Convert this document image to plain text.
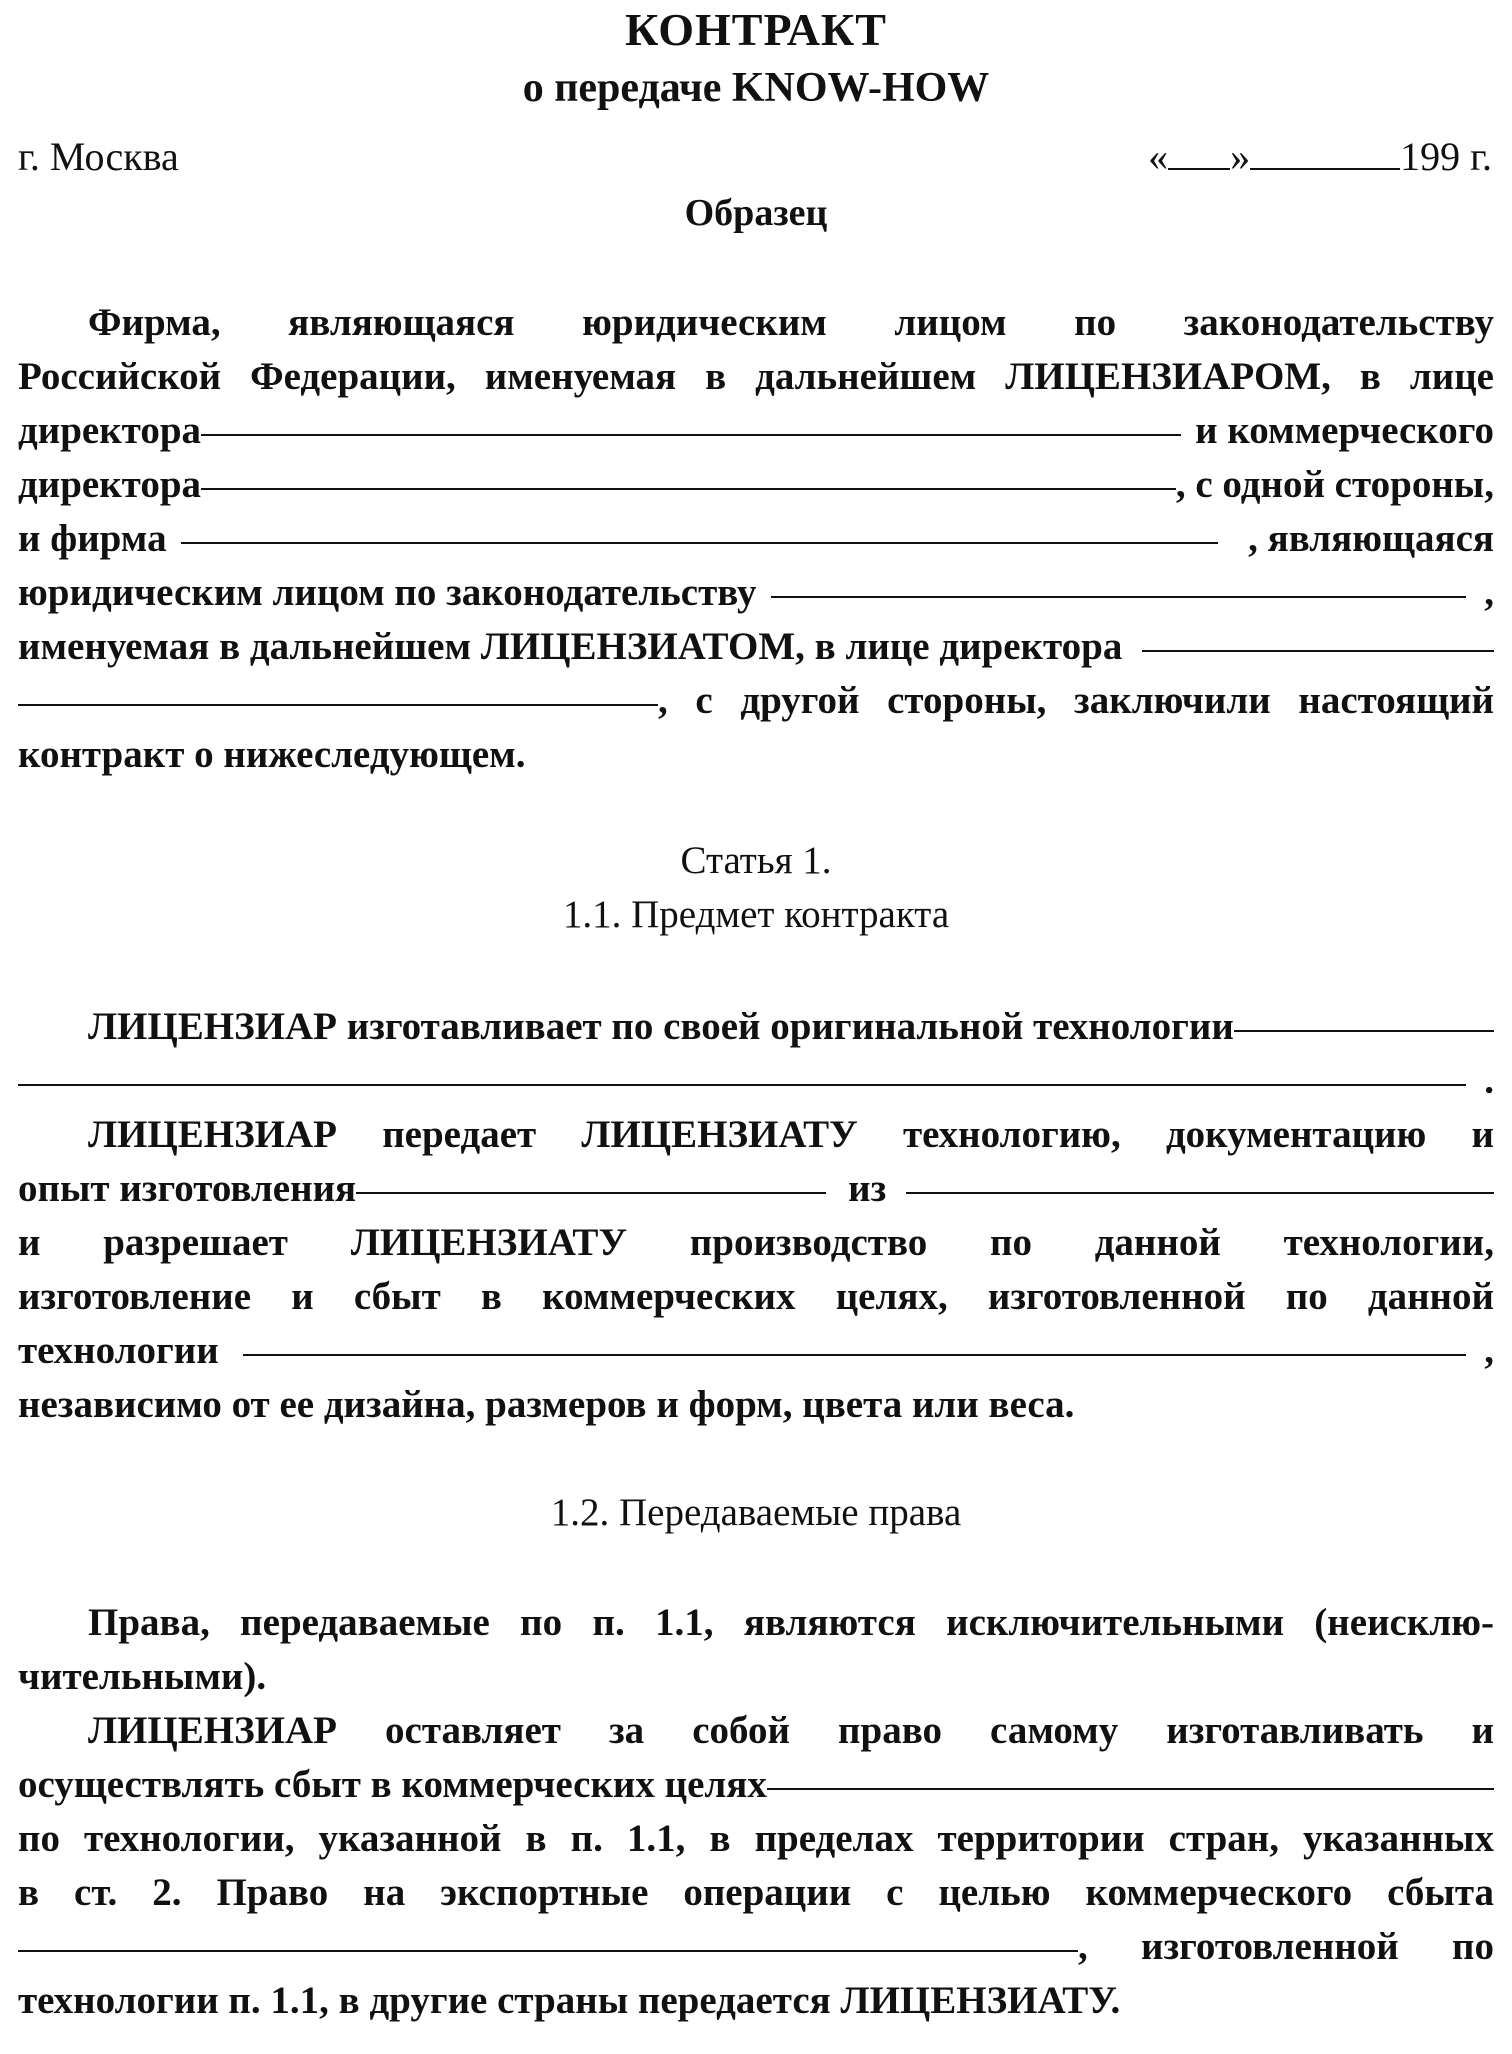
КОНТРАКТ
о передаче KNOW-HOW
г. Москва	« »	199 г.
Образец
Фирма, являющаяся юридическим лицом по законодательству
Российской Федерации, именуемая в дальнейшем ЛИЦЕНЗИАРОМ, в лице
директора	и коммерческого
директора	, с одной стороны,
и фирма	, являющаяся
юридическим лицом по законодательству	,
именуемая в дальнейшем ЛИЦЕНЗИАТОМ, в лице директора
, с другой стороны, заключили настоящий
контракт о нижеследующем.
Статья 1.
1.1. Предмет контракта
ЛИЦЕНЗИАР изготавливает по своей оригинальной технологии
.
ЛИЦЕНЗИАР передает ЛИЦЕНЗИАТУ технологию, документацию и
опыт изготовления	из
и разрешает ЛИЦЕНЗИАТУ производство по данной технологии,
изготовление и сбыт в коммерческих целях, изготовленной по данной
технологии	,
независимо от ее дизайна, размеров и форм, цвета или веса.
1.2. Передаваемые права
Права, передаваемые по п. 1.1, являются исключительными (неисклю-
чительными).
ЛИЦЕНЗИАР оставляет за собой право самому изготавливать и
осуществлять сбыт в коммерческих целях
по технологии, указанной в п. 1.1, в пределах территории стран, указанных
в ст. 2. Право на экспортные операции с целью коммерческого сбыта
, изготовленной по
технологии п. 1.1, в другие страны передается ЛИЦЕНЗИАТУ.
